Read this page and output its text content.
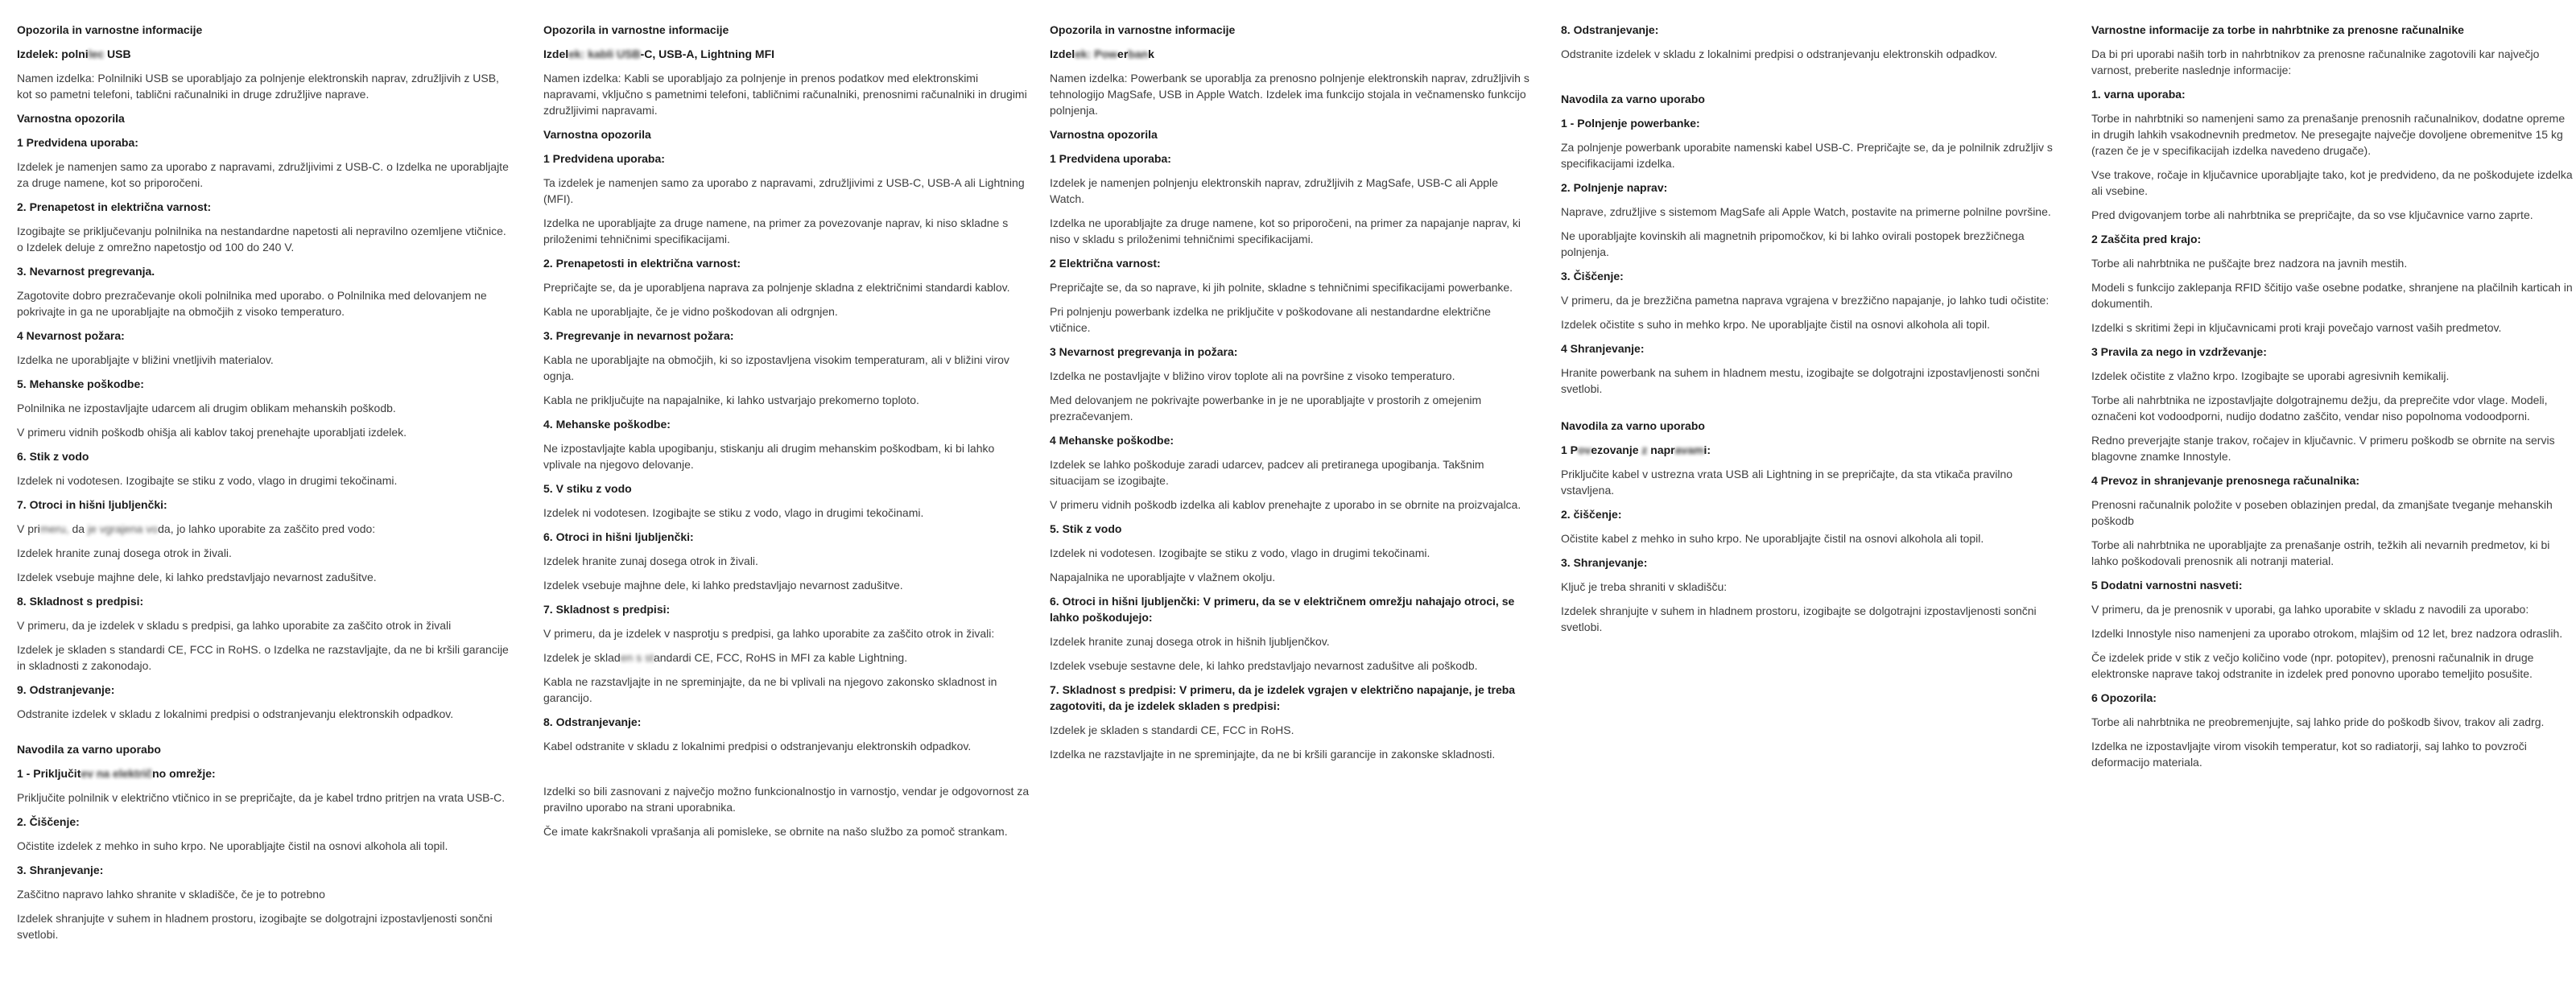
Opozorila in varnostne informacije

Izdelek: polnilec USB

Namen izdelka: Polnilniki USB se uporabljajo za polnjenje elektronskih naprav, združljivih z USB, kot so pametni telefoni, tablični računalniki in druge združljive naprave.

Varnostna opozorila

1 Predvidena uporaba:

Izdelek je namenjen samo za uporabo z napravami, združljivimi z USB-C. o Izdelka ne uporabljajte za druge namene, kot so priporočeni.

2. Prenapetost in električna varnost:

Izogibajte se priključevanju polnilnika na nestandardne napetosti ali nepravilno ozemljene vtičnice. o Izdelek deluje z omrežno napetostjo od 100 do 240 V.

3. Nevarnost pregrevanja.

Zagotovite dobro prezračevanje okoli polnilnika med uporabo. o Polnilnika med delovanjem ne pokrivajte in ga ne uporabljajte na območjih z visoko temperaturo.

4 Nevarnost požara:

Izdelka ne uporabljajte v bližini vnetljivih materialov.

5. Mehanske poškodbe:

Polnilnika ne izpostavljajte udarcem ali drugim oblikam mehanskih poškodb.

V primeru vidnih poškodb ohišja ali kablov takoj prenehajte uporabljati izdelek.

6. Stik z vodo

Izdelek ni vodotesen. Izogibajte se stiku z vodo, vlago in drugimi tekočinami.

7. Otroci in hišni ljubljenčki:

V primeru, da je vgrajena voda, jo lahko uporabite za zaščito pred vodo:

Izdelek hranite zunaj dosega otrok in živali.

Izdelek vsebuje majhne dele, ki lahko predstavljajo nevarnost zadušitve.

8. Skladnost s predpisi:

V primeru, da je izdelek v skladu s predpisi, ga lahko uporabite za zaščito otrok in živali

Izdelek je skladen s standardi CE, FCC in RoHS. o Izdelka ne razstavljajte, da ne bi kršili garancije in skladnosti z zakonodajo.

9. Odstranjevanje:

Odstranite izdelek v skladu z lokalnimi predpisi o odstranjevanju elektronskih odpadkov.

Navodila za varno uporabo

1 - Priključitev na električno omrežje:

Priključite polnilnik v električno vtičnico in se prepričajte, da je kabel trdno pritrjen na vrata USB-C.

2. Čiščenje:

Očistite izdelek z mehko in suho krpo. Ne uporabljajte čistil na osnovi alkohola ali topil.

3. Shranjevanje:

Zaščitno napravo lahko shranite v skladišče, če je to potrebno

Izdelek shranjujte v suhem in hladnem prostoru, izogibajte se dolgotrajni izpostavljenosti sončni svetlobi.

Opozorila in varnostne informacije

Izdelek: kabli USB-C, USB-A, Lightning MFI

Namen izdelka: Kabli se uporabljajo za polnjenje in prenos podatkov med elektronskimi napravami, vključno s pametnimi telefoni, tabličnimi računalniki, prenosnimi računalniki in drugimi združljivimi napravami.

Varnostna opozorila

1 Predvidena uporaba:

Ta izdelek je namenjen samo za uporabo z napravami, združljivimi z USB-C, USB-A ali Lightning (MFI).

Izdelka ne uporabljajte za druge namene, na primer za povezovanje naprav, ki niso skladne s priloženimi tehničnimi specifikacijami.

2. Prenapetosti in električna varnost:

Prepričajte se, da je uporabljena naprava za polnjenje skladna z električnimi standardi kablov.

Kabla ne uporabljajte, če je vidno poškodovan ali odrgnjen.

3. Pregrevanje in nevarnost požara:

Kabla ne uporabljajte na območjih, ki so izpostavljena visokim temperaturam, ali v bližini virov ognja.

Kabla ne priključujte na napajalnike, ki lahko ustvarjajo prekomerno toploto.

4. Mehanske poškodbe:

Ne izpostavljajte kabla upogibanju, stiskanju ali drugim mehanskim poškodbam, ki bi lahko vplivale na njegovo delovanje.

5. V stiku z vodo

Izdelek ni vodotesen. Izogibajte se stiku z vodo, vlago in drugimi tekočinami.

6. Otroci in hišni ljubljenčki:

Izdelek hranite zunaj dosega otrok in živali.

Izdelek vsebuje majhne dele, ki lahko predstavljajo nevarnost zadušitve.

7. Skladnost s predpisi:

V primeru, da je izdelek v nasprotju s predpisi, ga lahko uporabite za zaščito otrok in živali:

Izdelek je skladen s standardi CE, FCC, RoHS in MFI za kable Lightning.

Kabla ne razstavljajte in ne spreminjajte, da ne bi vplivali na njegovo zakonsko skladnost in garancijo.

8. Odstranjevanje:

Kabel odstranite v skladu z lokalnimi predpisi o odstranjevanju elektronskih odpadkov.

Izdelki so bili zasnovani z največjo možno funkcionalnostjo in varnostjo, vendar je odgovornost za pravilno uporabo na strani uporabnika.

Če imate kakršnakoli vprašanja ali pomisleke, se obrnite na našo službo za pomoč strankam.

Opozorila in varnostne informacije

Izdelek: Powerbank

Namen izdelka: Powerbank se uporablja za prenosno polnjenje elektronskih naprav, združljivih s tehnologijo MagSafe, USB in Apple Watch. Izdelek ima funkcijo stojala in večnamensko funkcijo polnjenja.

Varnostna opozorila

1 Predvidena uporaba:

Izdelek je namenjen polnjenju elektronskih naprav, združljivih z MagSafe, USB-C ali Apple Watch.

Izdelka ne uporabljajte za druge namene, kot so priporočeni, na primer za napajanje naprav, ki niso v skladu s priloženimi tehničnimi specifikacijami.

2 Električna varnost:

Prepričajte se, da so naprave, ki jih polnite, skladne s tehničnimi specifikacijami powerbanke.

Pri polnjenju powerbank izdelka ne priključite v poškodovane ali nestandardne električne vtičnice.

3 Nevarnost pregrevanja in požara:

Izdelka ne postavljajte v bližino virov toplote ali na površine z visoko temperaturo.

Med delovanjem ne pokrivajte powerbanke in je ne uporabljajte v prostorih z omejenim prezračevanjem.

4 Mehanske poškodbe:

Izdelek se lahko poškoduje zaradi udarcev, padcev ali pretiranega upogibanja. Takšnim situacijam se izogibajte.

V primeru vidnih poškodb izdelka ali kablov prenehajte z uporabo in se obrnite na proizvajalca.

5. Stik z vodo

Izdelek ni vodotesen. Izogibajte se stiku z vodo, vlago in drugimi tekočinami.

Napajalnika ne uporabljajte v vlažnem okolju.

6. Otroci in hišni ljubljenčki: V primeru, da se v električnem omrežju nahajajo otroci, se lahko poškodujejo:

Izdelek hranite zunaj dosega otrok in hišnih ljubljenčkov.

Izdelek vsebuje sestavne dele, ki lahko predstavljajo nevarnost zadušitve ali poškodb.

7. Skladnost s predpisi: V primeru, da je izdelek vgrajen v električno napajanje, je treba zagotoviti, da je izdelek skladen s predpisi:

Izdelek je skladen s standardi CE, FCC in RoHS.

Izdelka ne razstavljajte in ne spreminjajte, da ne bi kršili garancije in zakonske skladnosti.

8. Odstranjevanje:

Odstranite izdelek v skladu z lokalnimi predpisi o odstranjevanju elektronskih odpadkov.

Navodila za varno uporabo

1 - Polnjenje powerbanke:

Za polnjenje powerbank uporabite namenski kabel USB-C. Prepričajte se, da je polnilnik združljiv s specifikacijami izdelka.

2. Polnjenje naprav:

Naprave, združljive s sistemom MagSafe ali Apple Watch, postavite na primerne polnilne površine.

Ne uporabljajte kovinskih ali magnetnih pripomočkov, ki bi lahko ovirali postopek brezžičnega polnjenja.

3. Čiščenje:

V primeru, da je brezžična pametna naprava vgrajena v brezžično napajanje, jo lahko tudi očistite:

Izdelek očistite s suho in mehko krpo. Ne uporabljajte čistil na osnovi alkohola ali topil.

4 Shranjevanje:

Hranite powerbank na suhem in hladnem mestu, izogibajte se dolgotrajni izpostavljenosti sončni svetlobi.

Navodila za varno uporabo

1 Povezovanje z napravami:

Priključite kabel v ustrezna vrata USB ali Lightning in se prepričajte, da sta vtikača pravilno vstavljena.

2. čiščenje:

Očistite kabel z mehko in suho krpo. Ne uporabljajte čistil na osnovi alkohola ali topil.

3. Shranjevanje:

Ključ je treba shraniti v skladišču:

Izdelek shranjujte v suhem in hladnem prostoru, izogibajte se dolgotrajni izpostavljenosti sončni svetlobi.

Varnostne informacije za torbe in nahrbtnike za prenosne računalnike

Da bi pri uporabi naših torb in nahrbtnikov za prenosne računalnike zagotovili kar največjo varnost, preberite naslednje informacije:

1. varna uporaba:

Torbe in nahrbtniki so namenjeni samo za prenašanje prenosnih računalnikov, dodatne opreme in drugih lahkih vsakodnevnih predmetov. Ne presegajte največje dovoljene obremenitve 15 kg (razen če je v specifikacijah izdelka navedeno drugače).

Vse trakove, ročaje in ključavnice uporabljajte tako, kot je predvideno, da ne poškodujete izdelka ali vsebine.

Pred dvigovanjem torbe ali nahrbtnika se prepričajte, da so vse ključavnice varno zaprte.

2 Zaščita pred krajo:

Torbe ali nahrbtnika ne puščajte brez nadzora na javnih mestih.

Modeli s funkcijo zaklepanja RFID ščitijo vaše osebne podatke, shranjene na plačilnih karticah in dokumentih.

Izdelki s skritimi žepi in ključavnicami proti kraji povečajo varnost vaših predmetov.

3 Pravila za nego in vzdrževanje:

Izdelek očistite z vlažno krpo. Izogibajte se uporabi agresivnih kemikalij.

Torbe ali nahrbtnika ne izpostavljajte dolgotrajnemu dežju, da preprečite vdor vlage. Modeli, označeni kot vodoodporni, nudijo dodatno zaščito, vendar niso popolnoma vodoodporni.

Redno preverjajte stanje trakov, ročajev in ključavnic. V primeru poškodb se obrnite na servis blagovne znamke Innostyle.

4 Prevoz in shranjevanje prenosnega računalnika:

Prenosni računalnik položite v poseben oblazinjen predal, da zmanjšate tveganje mehanskih poškodb

Torbe ali nahrbtnika ne uporabljajte za prenašanje ostrih, težkih ali nevarnih predmetov, ki bi lahko poškodovali prenosnik ali notranji material.

5 Dodatni varnostni nasveti:

V primeru, da je prenosnik v uporabi, ga lahko uporabite v skladu z navodili za uporabo:

Izdelki Innostyle niso namenjeni za uporabo otrokom, mlajšim od 12 let, brez nadzora odraslih.

Če izdelek pride v stik z večjo količino vode (npr. potopitev), prenosni računalnik in druge elektronske naprave takoj odstranite in izdelek pred ponovno uporabo temeljito posušite.

6 Opozorila:

Torbe ali nahrbtnika ne preobremenjujte, saj lahko pride do poškodb šivov, trakov ali zadrg.

Izdelka ne izpostavljajte virom visokih temperatur, kot so radiatorji, saj lahko to povzroči deformacijo materiala.
